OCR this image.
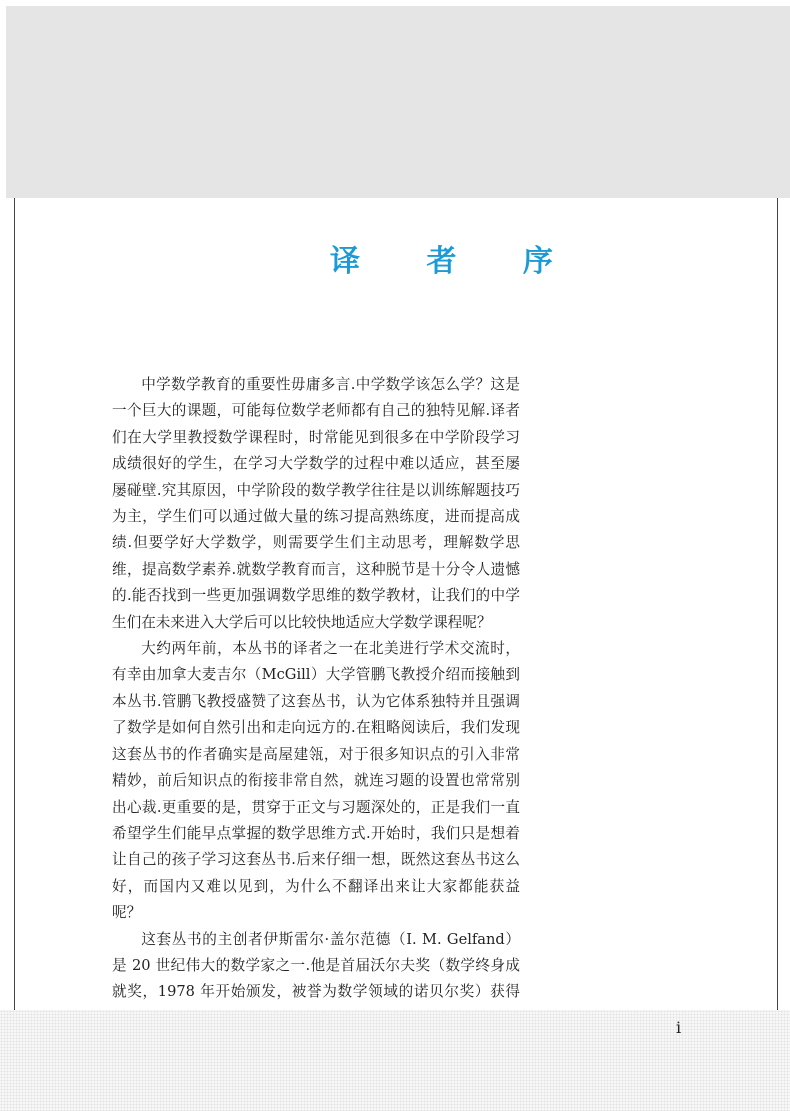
译 者 序

中学数学教育的重要性毋庸多言.中学数学该怎么学？这是一个巨大的课题，可能每位数学老师都有自己的独特见解.译者们在大学里教授数学课程时，时常能见到很多在中学阶段学习成绩很好的学生，在学习大学数学的过程中难以适应，甚至屡屡碰壁.究其原因，中学阶段的数学教学往往是以训练解题技巧为主，学生们可以通过做大量的练习提高熟练度，进而提高成绩.但要学好大学数学，则需要学生们主动思考，理解数学思维，提高数学素养.就数学教育而言，这种脱节是十分令人遗憾的.能否找到一些更加强调数学思维的数学教材，让我们的中学生们在未来进入大学后可以比较快地适应大学数学课程呢？

大约两年前，本丛书的译者之一在北美进行学术交流时，有幸由加拿大麦吉尔（McGill）大学管鹏飞教授介绍而接触到本丛书.管鹏飞教授盛赞了这套丛书，认为它体系独特并且强调了数学是如何自然引出和走向远方的.在粗略阅读后，我们发现这套丛书的作者确实是高屋建瓴，对于很多知识点的引入非常精妙，前后知识点的衔接非常自然，就连习题的设置也常常别出心裁.更重要的是，贯穿于正文与习题深处的，正是我们一直希望学生们能早点掌握的数学思维方式.开始时，我们只是想着让自己的孩子学习这套丛书.后来仔细一想，既然这套丛书这么好，而国内又难以见到，为什么不翻译出来让大家都能获益呢？

这套丛书的主创者伊斯雷尔·盖尔范德（I. M. Gelfand）是 20 世纪伟大的数学家之一.他是首届沃尔夫奖（数学终身成就奖，1978 年开始颁发，被誉为数学领域的诺贝尔奖）获得

i
